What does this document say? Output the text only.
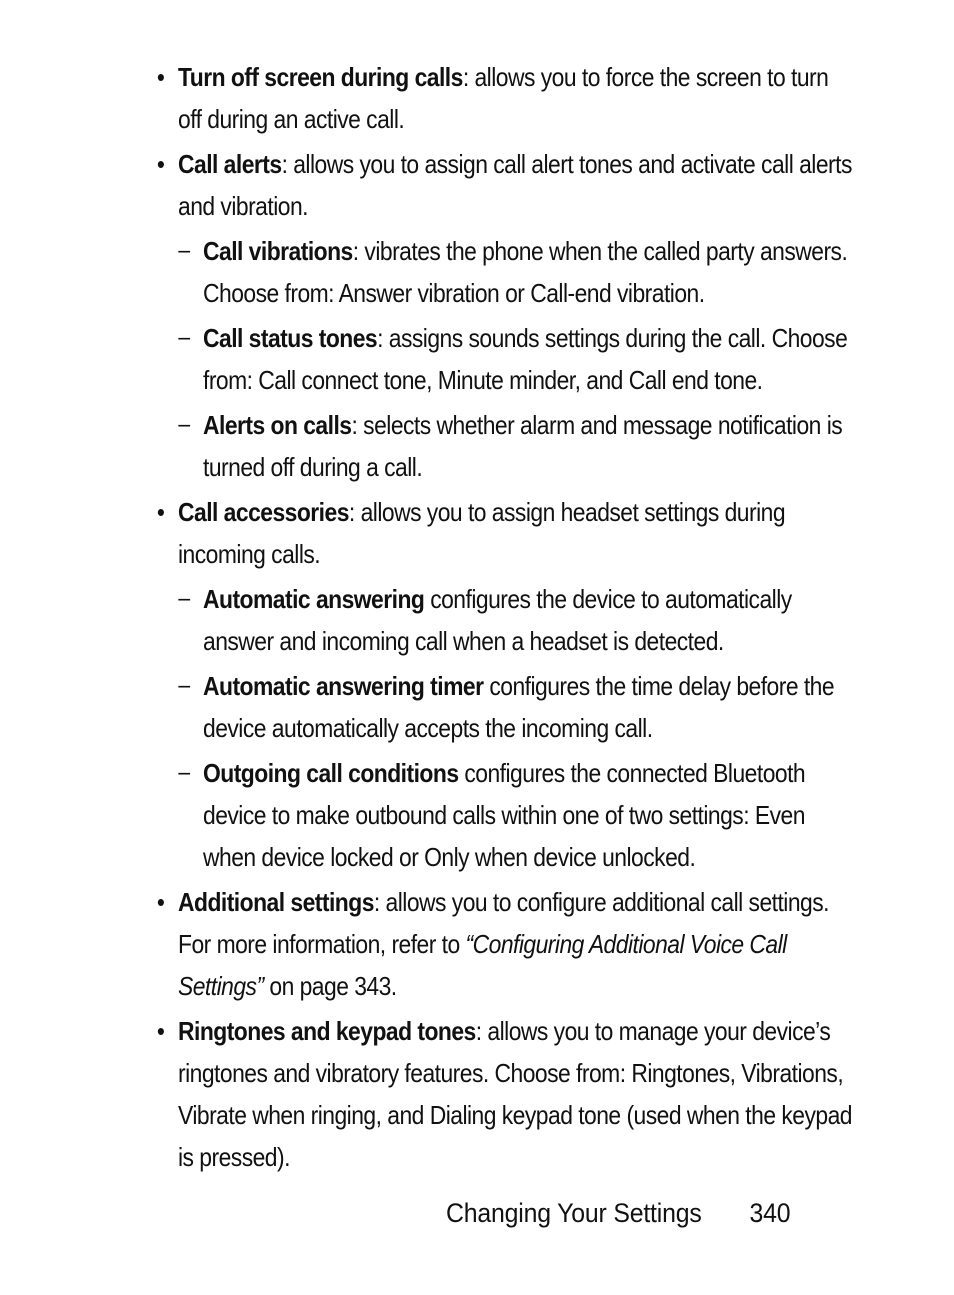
• Turn off screen during calls: allows you to force the screen to turn off during an active call.
• Call alerts: allows you to assign call alert tones and activate call alerts and vibration.
– Call vibrations: vibrates the phone when the called party answers. Choose from: Answer vibration or Call-end vibration.
– Call status tones: assigns sounds settings during the call. Choose from: Call connect tone, Minute minder, and Call end tone.
– Alerts on calls: selects whether alarm and message notification is turned off during a call.
• Call accessories: allows you to assign headset settings during incoming calls.
– Automatic answering configures the device to automatically answer and incoming call when a headset is detected.
– Automatic answering timer configures the time delay before the device automatically accepts the incoming call.
– Outgoing call conditions configures the connected Bluetooth device to make outbound calls within one of two settings: Even when device locked or Only when device unlocked.
• Additional settings: allows you to configure additional call settings. For more information, refer to “Configuring Additional Voice Call Settings” on page 343.
• Ringtones and keypad tones: allows you to manage your device’s ringtones and vibratory features. Choose from: Ringtones, Vibrations, Vibrate when ringing, and Dialing keypad tone (used when the keypad is pressed).
Changing Your Settings 340
